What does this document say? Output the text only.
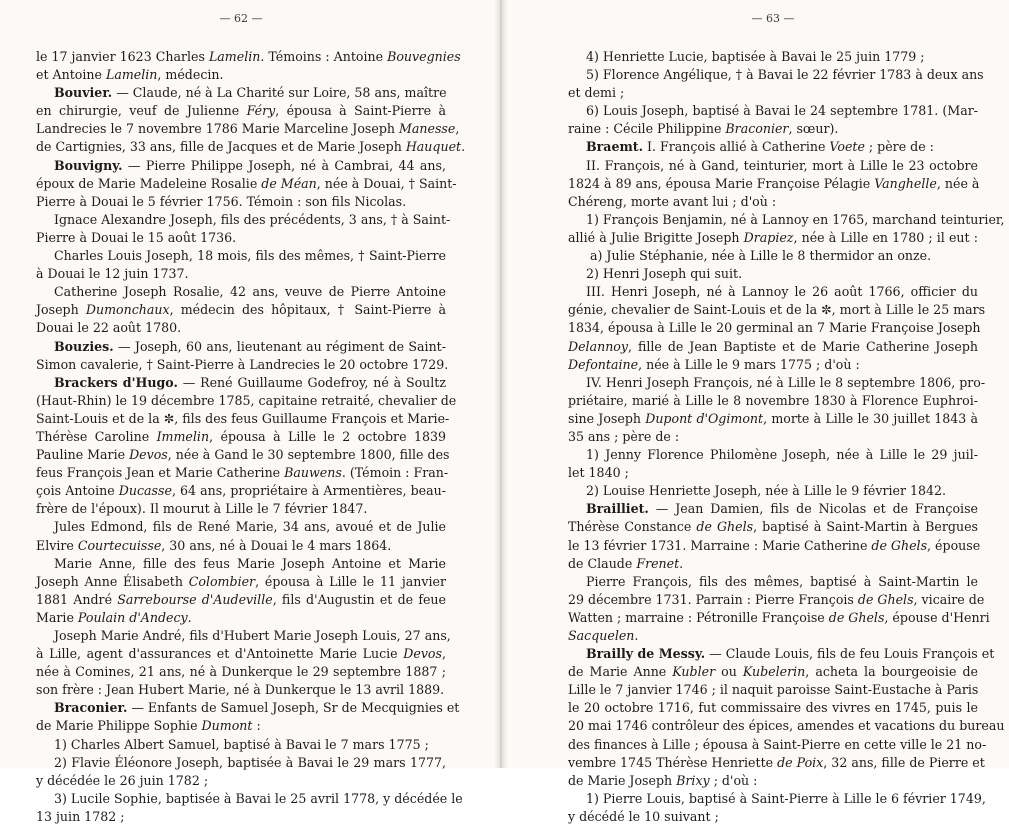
— 62 —
le 17 janvier 1623 Charles Lamelin. Témoins : Antoine Bouvegnies
et Antoine Lamelin, médecin.
Bouvier. — Claude, né à La Charité sur Loire, 58 ans, maître
en chirurgie, veuf de Julienne Féry, épousa à Saint-Pierre à
Landrecies le 7 novembre 1786 Marie Marceline Joseph Manesse,
de Cartignies, 33 ans, fille de Jacques et de Marie Joseph Hauquet.
Bouvigny. — Pierre Philippe Joseph, né à Cambrai, 44 ans,
époux de Marie Madeleine Rosalie de Méan, née à Douai, † Saint-
Pierre à Douai le 5 février 1756. Témoin : son fils Nicolas.
Ignace Alexandre Joseph, fils des précédents, 3 ans, † à Saint-
Pierre à Douai le 15 août 1736.
Charles Louis Joseph, 18 mois, fils des mêmes, † Saint-Pierre
à Douai le 12 juin 1737.
Catherine Joseph Rosalie, 42 ans, veuve de Pierre Antoine
Joseph Dumonchaux, médecin des hôpitaux, † Saint-Pierre à
Douai le 22 août 1780.
Bouzies. — Joseph, 60 ans, lieutenant au régiment de Saint-
Simon cavalerie, † Saint-Pierre à Landrecies le 20 octobre 1729.
Brackers d'Hugo. — René Guillaume Godefroy, né à Soultz
(Haut-Rhin) le 19 décembre 1785, capitaine retraité, chevalier de
Saint-Louis et de la ✼, fils des feus Guillaume François et Marie-
Thérèse Caroline Immelin, épousa à Lille le 2 octobre 1839
Pauline Marie Devos, née à Gand le 30 septembre 1800, fille des
feus François Jean et Marie Catherine Bauwens. (Témoin : Fran-
çois Antoine Ducasse, 64 ans, propriétaire à Armentières, beau-
frère de l'époux). Il mourut à Lille le 7 février 1847.
Jules Edmond, fils de René Marie, 34 ans, avoué et de Julie
Elvire Courtecuisse, 30 ans, né à Douai le 4 mars 1864.
Marie Anne, fille des feus Marie Joseph Antoine et Marie
Joseph Anne Élisabeth Colombier, épousa à Lille le 11 janvier
1881 André Sarrebourse d'Audeville, fils d'Augustin et de feue
Marie Poulain d'Andecy.
Joseph Marie André, fils d'Hubert Marie Joseph Louis, 27 ans,
à Lille, agent d'assurances et d'Antoinette Marie Lucie Devos,
née à Comines, 21 ans, né à Dunkerque le 29 septembre 1887 ;
son frère : Jean Hubert Marie, né à Dunkerque le 13 avril 1889.
Braconier. — Enfants de Samuel Joseph, Sr de Mecquignies et
de Marie Philippe Sophie Dumont :
1) Charles Albert Samuel, baptisé à Bavai le 7 mars 1775 ;
2) Flavie Éléonore Joseph, baptisée à Bavai le 29 mars 1777,
y décédée le 26 juin 1782 ;
3) Lucile Sophie, baptisée à Bavai le 25 avril 1778, y décédée le
13 juin 1782 ;
— 63 —
4) Henriette Lucie, baptisée à Bavai le 25 juin 1779 ;
5) Florence Angélique, † à Bavai le 22 février 1783 à deux ans
et demi ;
6) Louis Joseph, baptisé à Bavai le 24 septembre 1781. (Mar-
raine : Cécile Philippine Braconier, sœur).
Braemt. I. François allié à Catherine Voete ; père de :
II. François, né à Gand, teinturier, mort à Lille le 23 octobre
1824 à 89 ans, épousa Marie Françoise Pélagie Vanghelle, née à
Chéreng, morte avant lui ; d'où :
1) François Benjamin, né à Lannoy en 1765, marchand teinturier,
allié à Julie Brigitte Joseph Drapiez, née à Lille en 1780 ; il eut :
a) Julie Stéphanie, née à Lille le 8 thermidor an onze.
2) Henri Joseph qui suit.
III. Henri Joseph, né à Lannoy le 26 août 1766, officier du
génie, chevalier de Saint-Louis et de la ✼, mort à Lille le 25 mars
1834, épousa à Lille le 20 germinal an 7 Marie Françoise Joseph
Delannoy, fille de Jean Baptiste et de Marie Catherine Joseph
Defontaine, née à Lille le 9 mars 1775 ; d'où :
IV. Henri Joseph François, né à Lille le 8 septembre 1806, pro-
priétaire, marié à Lille le 8 novembre 1830 à Florence Euphroi-
sine Joseph Dupont d'Ogimont, morte à Lille le 30 juillet 1843 à
35 ans ; père de :
1) Jenny Florence Philomène Joseph, née à Lille le 29 juil-
let 1840 ;
2) Louise Henriette Joseph, née à Lille le 9 février 1842.
Brailliet. — Jean Damien, fils de Nicolas et de Françoise
Thérèse Constance de Ghels, baptisé à Saint-Martin à Bergues
le 13 février 1731. Marraine : Marie Catherine de Ghels, épouse
de Claude Frenet.
Pierre François, fils des mêmes, baptisé à Saint-Martin le
29 décembre 1731. Parrain : Pierre François de Ghels, vicaire de
Watten ; marraine : Pétronille Françoise de Ghels, épouse d'Henri
Sacquelen.
Brailly de Messy. — Claude Louis, fils de feu Louis François et
de Marie Anne Kubler ou Kubelerin, acheta la bourgeoisie de
Lille le 7 janvier 1746 ; il naquit paroisse Saint-Eustache à Paris
le 20 octobre 1716, fut commissaire des vivres en 1745, puis le
20 mai 1746 contrôleur des épices, amendes et vacations du bureau
des finances à Lille ; épousa à Saint-Pierre en cette ville le 21 no-
vembre 1745 Thérèse Henriette de Poix, 32 ans, fille de Pierre et
de Marie Joseph Brixy ; d'où :
1) Pierre Louis, baptisé à Saint-Pierre à Lille le 6 février 1749,
y décédé le 10 suivant ;
